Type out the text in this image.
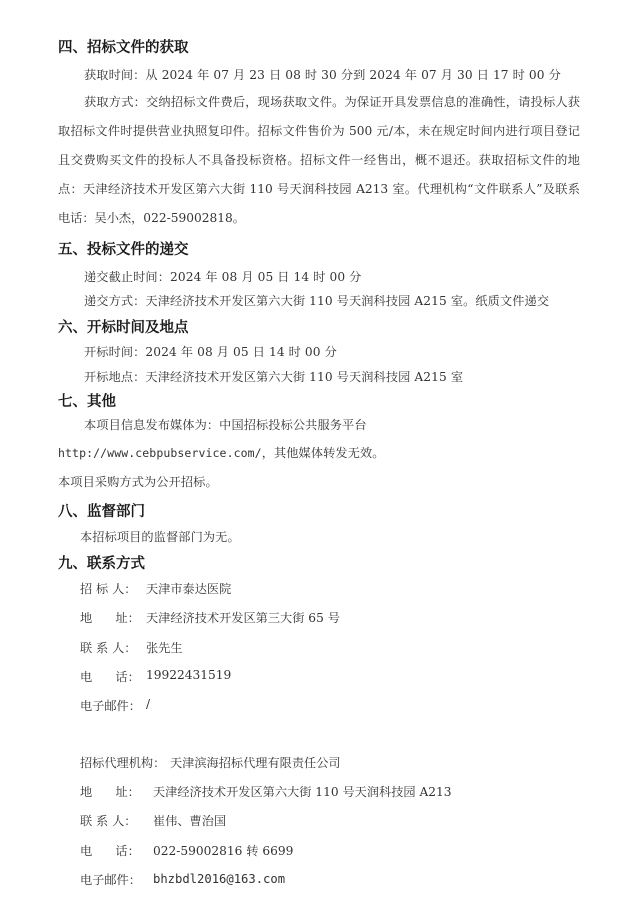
四、招标文件的获取
获取时间：从 2024 年 07 月 23 日 08 时 30 分到 2024 年 07 月 30 日 17 时 00 分
获取方式：交纳招标文件费后，现场获取文件。为保证开具发票信息的准确性，请投标人获取招标文件时提供营业执照复印件。招标文件售价为 500 元/本，未在规定时间内进行项目登记且交费购买文件的投标人不具备投标资格。招标文件一经售出，概不退还。获取招标文件的地点：天津经济技术开发区第六大街 110 号天润科技园 A213 室。代理机构“文件联系人”及联系电话：吴小杰，022-59002818。
五、投标文件的递交
递交截止时间：2024 年 08 月 05 日 14 时 00 分
递交方式：天津经济技术开发区第六大街 110 号天润科技园 A215 室。纸质文件递交
六、开标时间及地点
开标时间：2024 年 08 月 05 日 14 时 00 分
开标地点：天津经济技术开发区第六大街 110 号天润科技园 A215 室
七、其他
本项目信息发布媒体为：中国招标投标公共服务平台
http://www.cebpubservice.com/，其他媒体转发无效。
本项目采购方式为公开招标。
八、监督部门
本招标项目的监督部门为无。
九、联系方式
招 标 人： 天津市泰达医院
地      址： 天津经济技术开发区第三大街 65 号
联 系 人： 张先生
电      话： 19922431519
电子邮件： /
招标代理机构： 天津滨海招标代理有限责任公司
地      址： 天津经济技术开发区第六大街 110 号天润科技园 A213
联 系 人： 崔伟、曹治国
电      话： 022-59002816 转 6699
电子邮件： bhzbdl2016@163.com
